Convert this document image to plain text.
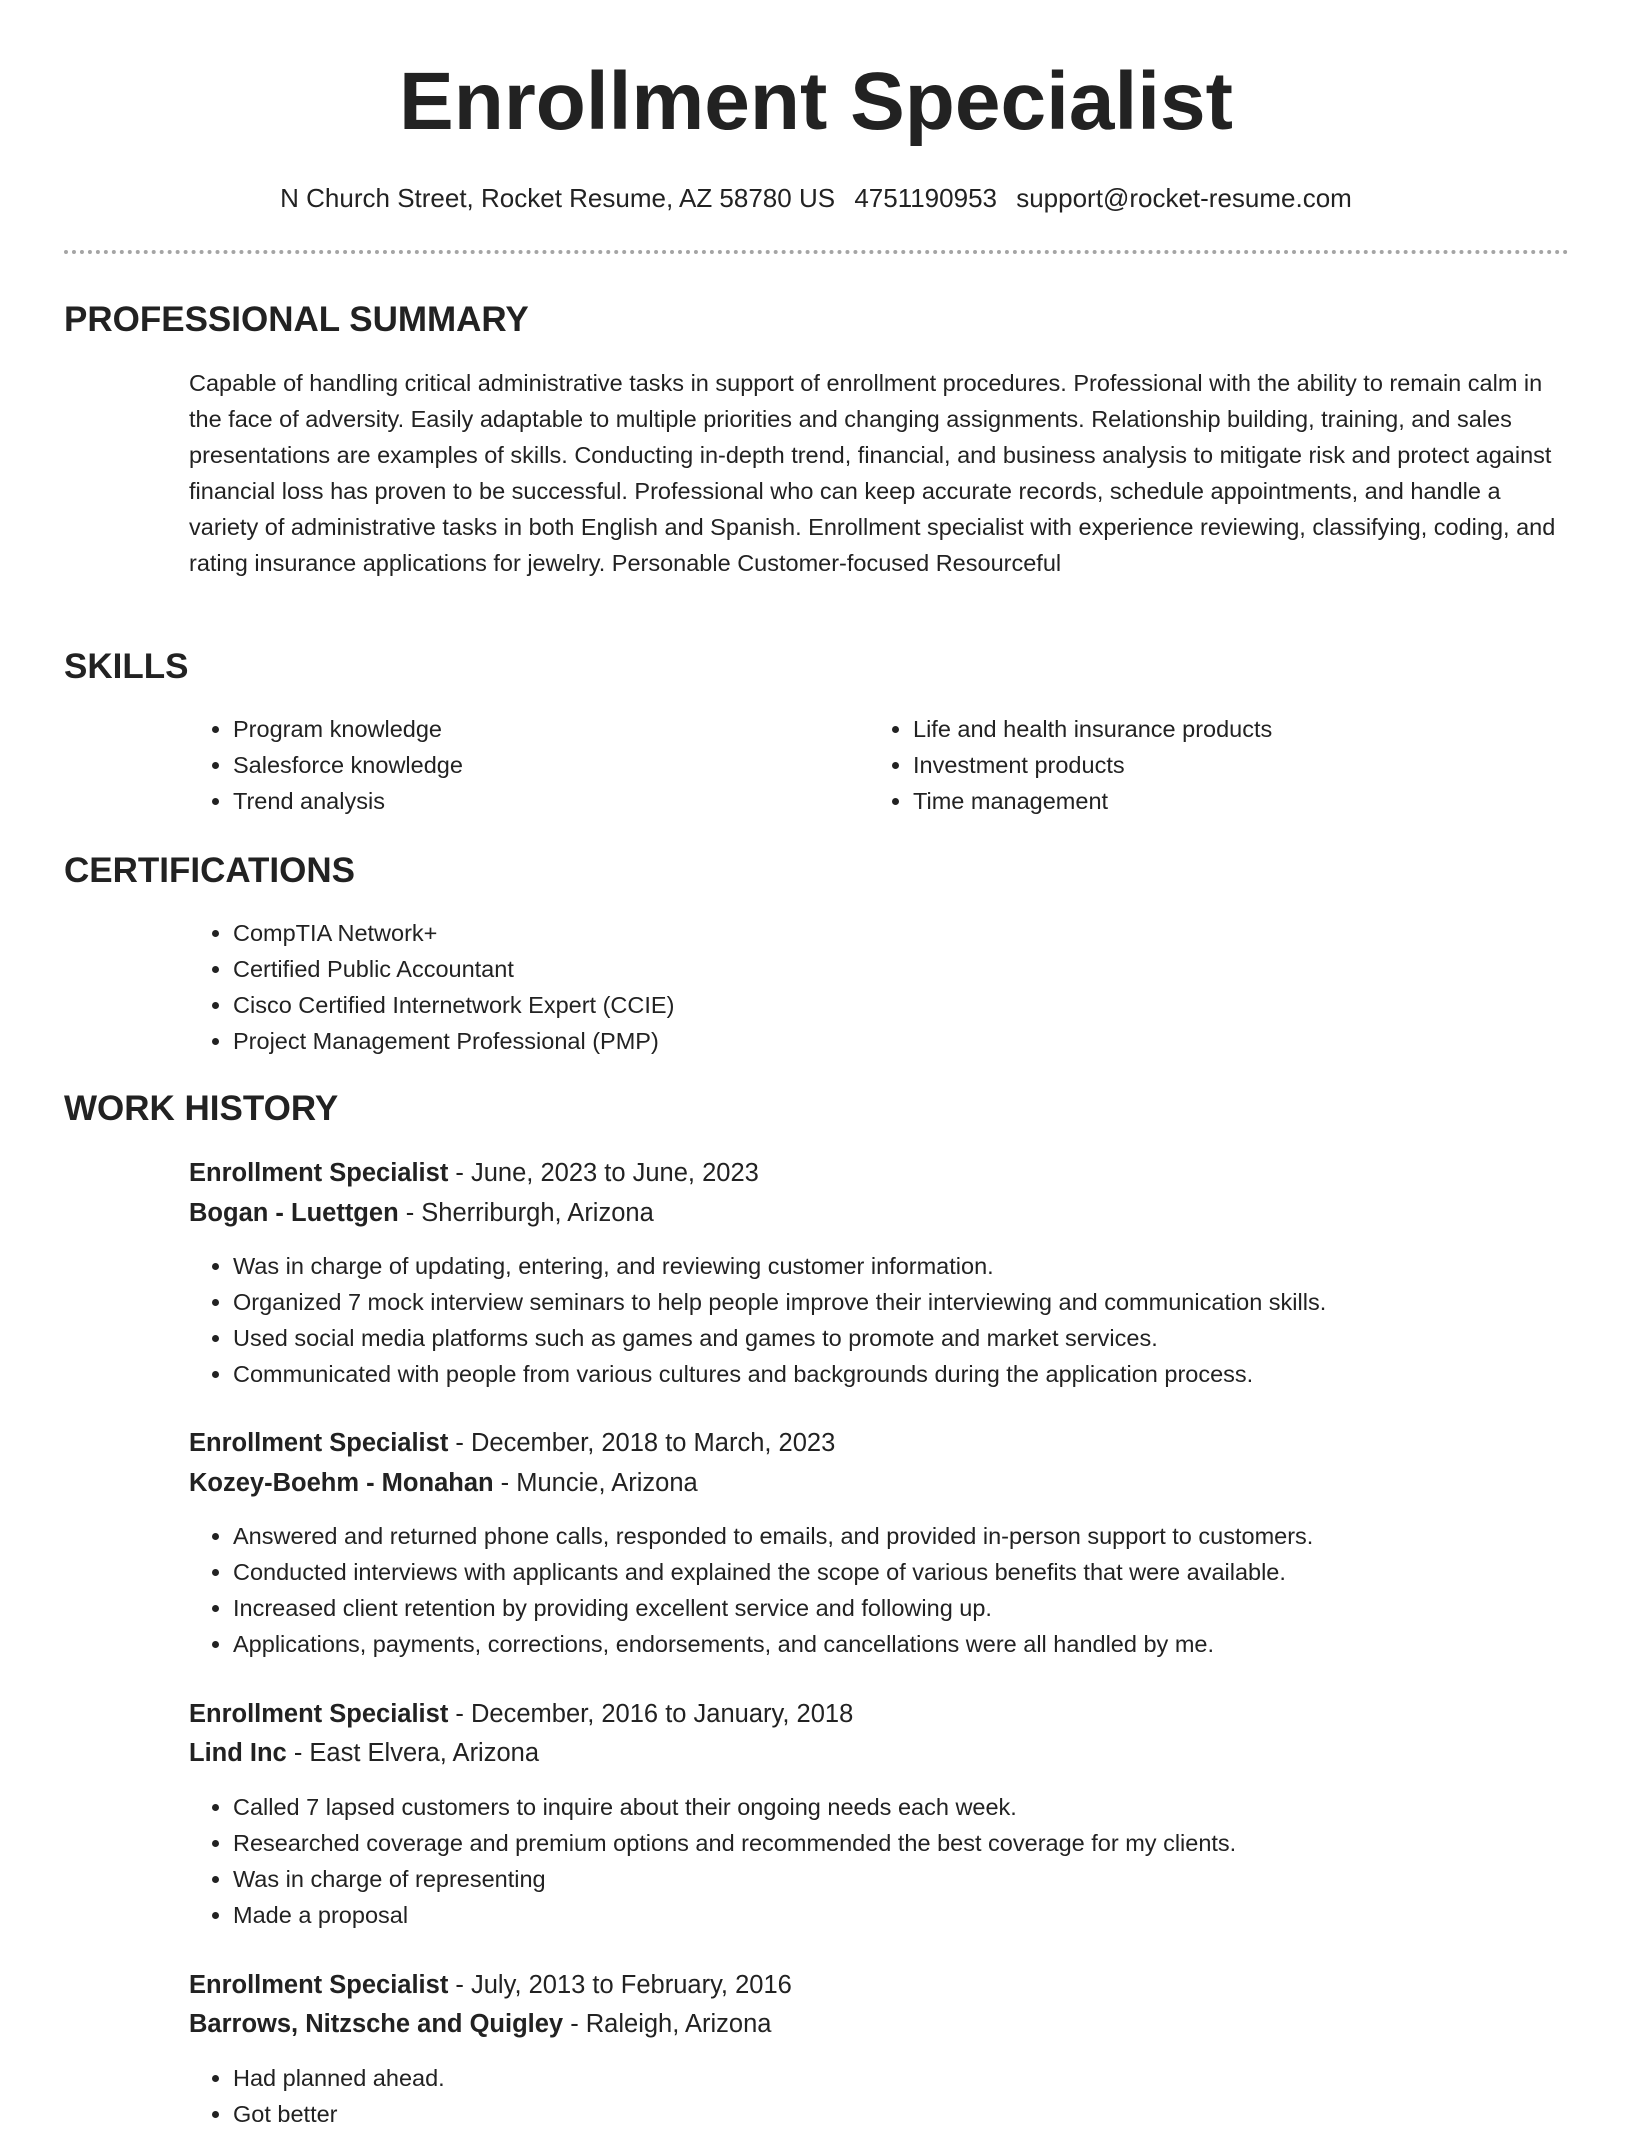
Enrollment Specialist
N Church Street, Rocket Resume, AZ 58780 US 4751190953 support@rocket-resume.com
PROFESSIONAL SUMMARY

Capable of handling critical administrative tasks in support of enrollment procedures. Professional with the ability to remain calm in the face of adversity. Easily adaptable to multiple priorities and changing assignments. Relationship building, training, and sales presentations are examples of skills. Conducting in-depth trend, financial, and business analysis to mitigate risk and protect against financial loss has proven to be successful. Professional who can keep accurate records, schedule appointments, and handle a variety of administrative tasks in both English and Spanish. Enrollment specialist with experience reviewing, classifying, coding, and rating insurance applications for jewelry. Personable Customer-focused Resourceful

SKILLS
• Program knowledge
• Salesforce knowledge
• Trend analysis
• Life and health insurance products
• Investment products
• Time management
CERTIFICATIONS
• CompTIA Network+
• Certified Public Accountant
• Cisco Certified Internetwork Expert (CCIE)
• Project Management Professional (PMP)
WORK HISTORY

Enrollment Specialist - June, 2023 to June, 2023

Bogan - Luettgen - Sherriburgh, Arizona

• Was in charge of updating, entering, and reviewing customer information.
• Organized 7 mock interview seminars to help people improve their interviewing and communication skills.
• Used social media platforms such as games and games to promote and market services.
• Communicated with people from various cultures and backgrounds during the application process.

Enrollment Specialist - December, 2018 to March, 2023

Kozey-Boehm - Monahan - Muncie, Arizona

• Answered and returned phone calls, responded to emails, and provided in-person support to customers.
• Conducted interviews with applicants and explained the scope of various benefits that were available.
• Increased client retention by providing excellent service and following up.
• Applications, payments, corrections, endorsements, and cancellations were all handled by me.

Enrollment Specialist - December, 2016 to January, 2018

Lind Inc - East Elvera, Arizona

• Called 7 lapsed customers to inquire about their ongoing needs each week.
• Researched coverage and premium options and recommended the best coverage for my clients.
• Was in charge of representing
• Made a proposal

Enrollment Specialist - July, 2013 to February, 2016

Barrows, Nitzsche and Quigley - Raleigh, Arizona

• Had planned ahead.
• Got better
